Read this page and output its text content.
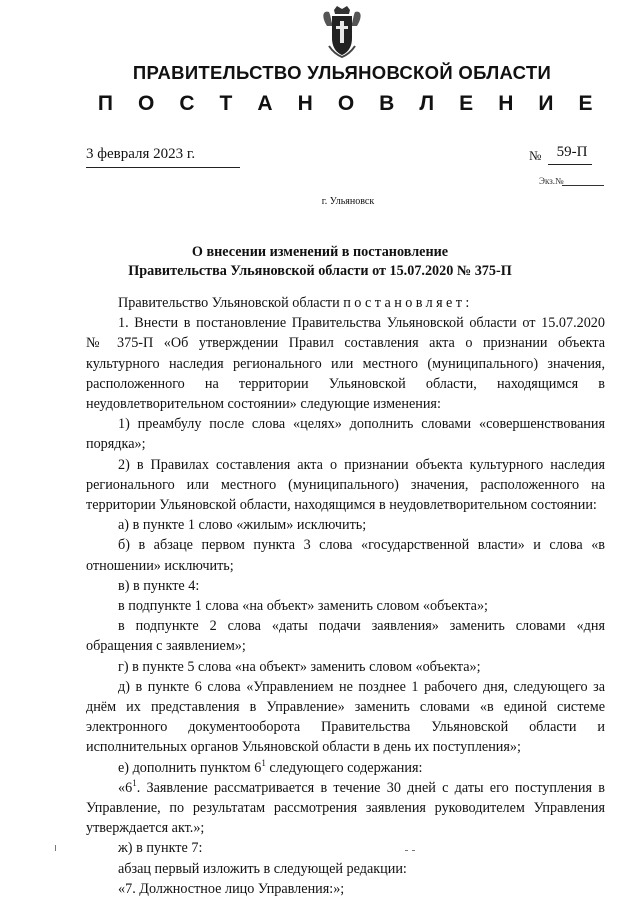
ПРАВИТЕЛЬСТВО УЛЬЯНОВСКОЙ ОБЛАСТИ
П О С Т А Н О В Л Е Н И Е
3 февраля 2023 г.	№ 59-П
Экз.№
г. Ульяновск
О внесении изменений в постановление
Правительства Ульяновской области от 15.07.2020 № 375-П

Правительство Ульяновской области постановляет:

1. Внести в постановление Правительства Ульяновской области от 15.07.2020 № 375-П «Об утверждении Правил составления акта о признании объекта культурного наследия регионального или местного (муниципального) значения, расположенного на территории Ульяновской области, находящимся в неудовлетворительном состоянии» следующие изменения:

1) преамбулу после слова «целях» дополнить словами «совершенствования порядка»;

2) в Правилах составления акта о признании объекта культурного наследия регионального или местного (муниципального) значения, расположенного на территории Ульяновской области, находящимся в неудовлетворительном состоянии:

а) в пункте 1 слово «жилым» исключить;

б) в абзаце первом пункта 3 слова «государственной власти» и слова «в отношении» исключить;

в) в пункте 4:

в подпункте 1 слова «на объект» заменить словом «объекта»;

в подпункте 2 слова «даты подачи заявления» заменить словами «дня обращения с заявлением»;

г) в пункте 5 слова «на объект» заменить словом «объекта»;

д) в пункте 6 слова «Управлением не позднее 1 рабочего дня, следующего за днём их представления в Управление» заменить словами «в единой системе электронного документооборота Правительства Ульяновской области и исполнительных органов Ульяновской области в день их поступления»;

е) дополнить пунктом $6^1$ следующего содержания:

«$6^1$. Заявление рассматривается в течение 30 дней с даты его поступления в Управление, по результатам рассмотрения заявления руководителем Управления утверждается акт.»;

ж) в пункте 7:

абзац первый изложить в следующей редакции:

«7. Должностное лицо Управления:»;
